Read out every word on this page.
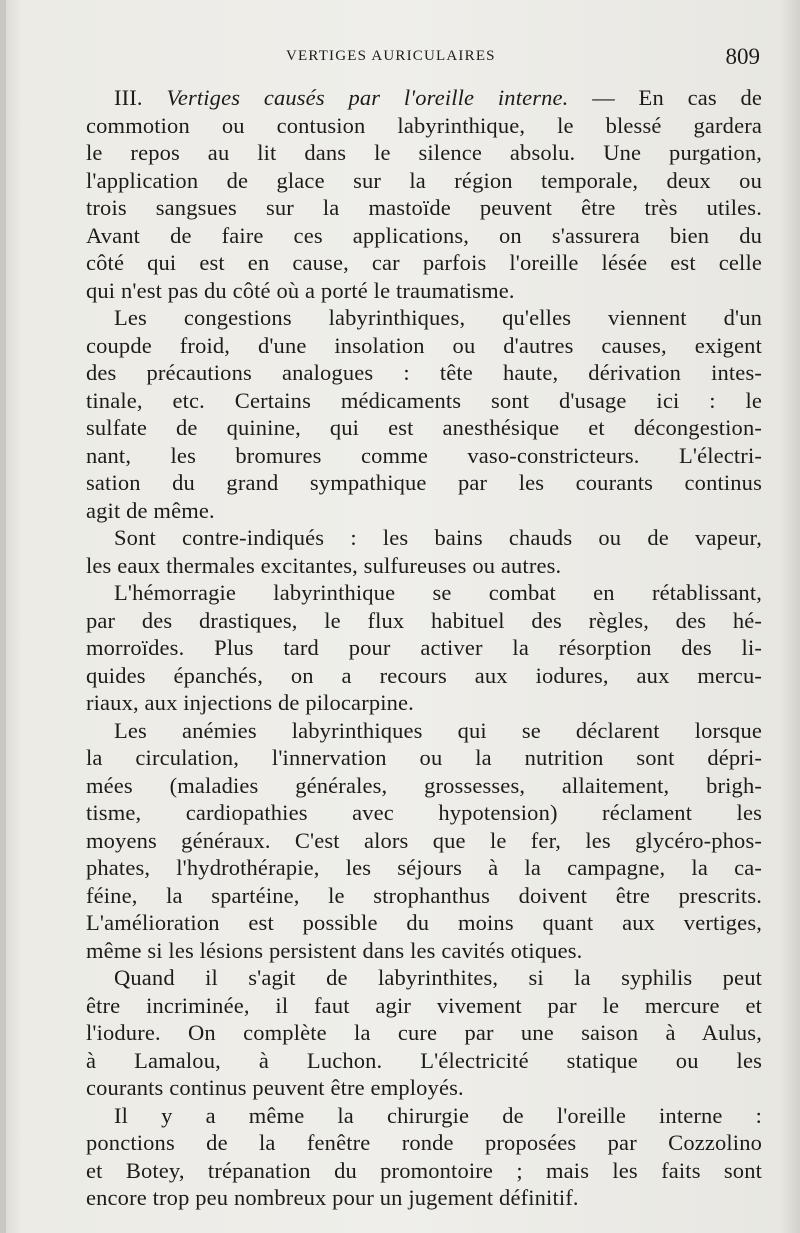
VERTIGES AURICULAIRES	809
III. Vertiges causés par l'oreille interne. — En cas de
commotion ou contusion labyrinthique, le blessé gardera
le repos au lit dans le silence absolu. Une purgation,
l'application de glace sur la région temporale, deux ou
trois sangsues sur la mastoïde peuvent être très utiles.
Avant de faire ces applications, on s'assurera bien du
côté qui est en cause, car parfois l'oreille lésée est celle
qui n'est pas du côté où a porté le traumatisme.
Les congestions labyrinthiques, qu'elles viennent d'un
coupde froid, d'une insolation ou d'autres causes, exigent
des précautions analogues : tête haute, dérivation intes-
tinale, etc. Certains médicaments sont d'usage ici : le
sulfate de quinine, qui est anesthésique et décongestion-
nant, les bromures comme vaso-constricteurs. L'électri-
sation du grand sympathique par les courants continus
agit de même.
Sont contre-indiqués : les bains chauds ou de vapeur,
les eaux thermales excitantes, sulfureuses ou autres.
L'hémorragie labyrinthique se combat en rétablissant,
par des drastiques, le flux habituel des règles, des hé-
morroïdes. Plus tard pour activer la résorption des li-
quides épanchés, on a recours aux iodures, aux mercu-
riaux, aux injections de pilocarpine.
Les anémies labyrinthiques qui se déclarent lorsque
la circulation, l'innervation ou la nutrition sont dépri-
mées (maladies générales, grossesses, allaitement, brigh-
tisme, cardiopathies avec hypotension) réclament les
moyens généraux. C'est alors que le fer, les glycéro-phos-
phates, l'hydrothérapie, les séjours à la campagne, la ca-
féine, la spartéine, le strophanthus doivent être prescrits.
L'amélioration est possible du moins quant aux vertiges,
même si les lésions persistent dans les cavités otiques.
Quand il s'agit de labyrinthites, si la syphilis peut
être incriminée, il faut agir vivement par le mercure et
l'iodure. On complète la cure par une saison à Aulus,
à Lamalou, à Luchon. L'électricité statique ou les
courants continus peuvent être employés.
Il y a même la chirurgie de l'oreille interne :
ponctions de la fenêtre ronde proposées par Cozzolino
et Botey, trépanation du promontoire ; mais les faits sont
encore trop peu nombreux pour un jugement définitif.
